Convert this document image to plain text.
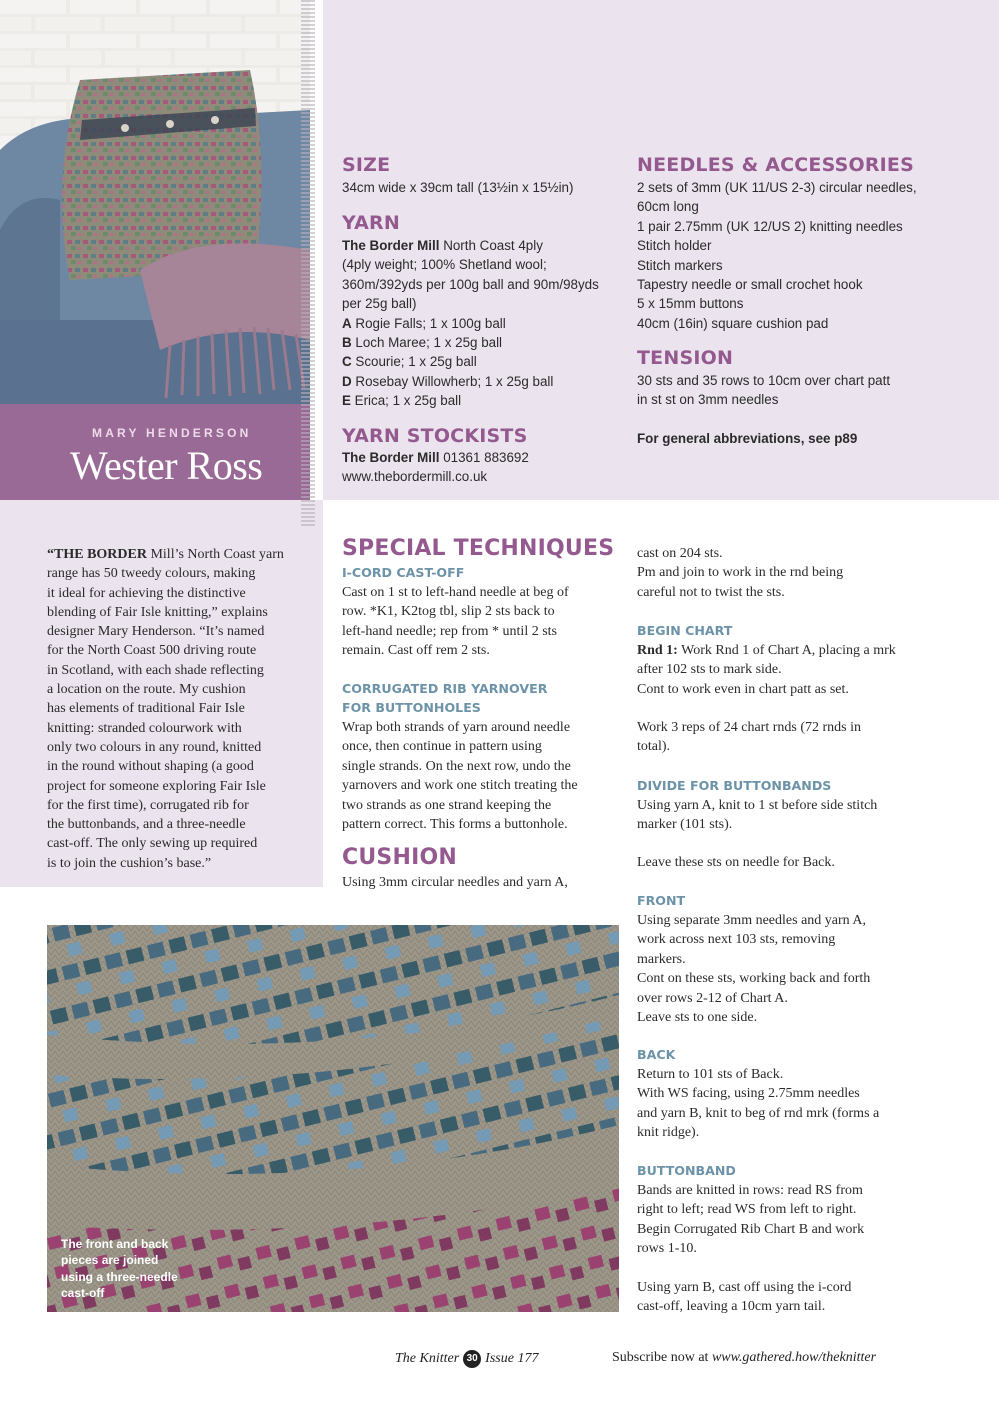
MARY HENDERSON
Wester Ross
“THE BORDER Mill’s North Coast yarn
range has 50 tweedy colours, making
it ideal for achieving the distinctive
blending of Fair Isle knitting,” explains
designer Mary Henderson. “It’s named
for the North Coast 500 driving route
in Scotland, with each shade reflecting
a location on the route. My cushion
has elements of traditional Fair Isle
knitting: stranded colourwork with
only two colours in any round, knitted
in the round without shaping (a good
project for someone exploring Fair Isle
for the first time), corrugated rib for
the buttonbands, and a three-needle
cast-off. The only sewing up required
is to join the cushion’s base.”
SIZE
34cm wide x 39cm tall (13½in x 15½in)
YARN
The Border Mill North Coast 4ply
(4ply weight; 100% Shetland wool;
360m/392yds per 100g ball and 90m/98yds
per 25g ball)
A Rogie Falls; 1 x 100g ball
B Loch Maree; 1 x 25g ball
C Scourie; 1 x 25g ball
D Rosebay Willowherb; 1 x 25g ball
E Erica; 1 x 25g ball
YARN STOCKISTS
The Border Mill 01361 883692
www.thebordermill.co.uk
NEEDLES & ACCESSORIES
2 sets of 3mm (UK 11/US 2-3) circular needles,
60cm long
1 pair 2.75mm (UK 12/US 2) knitting needles
Stitch holder
Stitch markers
Tapestry needle or small crochet hook
5 x 15mm buttons
40cm (16in) square cushion pad
TENSION
30 sts and 35 rows to 10cm over chart patt
in st st on 3mm needles
For general abbreviations, see p89
SPECIAL TECHNIQUES
I-CORD CAST-OFF
Cast on 1 st to left-hand needle at beg of
row. *K1, K2tog tbl, slip 2 sts back to
left-hand needle; rep from * until 2 sts
remain. Cast off rem 2 sts.
CORRUGATED RIB YARNOVER
FOR BUTTONHOLES
Wrap both strands of yarn around needle
once, then continue in pattern using
single strands. On the next row, undo the
yarnovers and work one stitch treating the
two strands as one strand keeping the
pattern correct. This forms a buttonhole.
CUSHION
Using 3mm circular needles and yarn A,
cast on 204 sts.
Pm and join to work in the rnd being
careful not to twist the sts.
BEGIN CHART
Rnd 1: Work Rnd 1 of Chart A, placing a mrk
after 102 sts to mark side.
Cont to work even in chart patt as set.
Work 3 reps of 24 chart rnds (72 rnds in
total).
DIVIDE FOR BUTTONBANDS
Using yarn A, knit to 1 st before side stitch
marker (101 sts).
Leave these sts on needle for Back.
FRONT
Using separate 3mm needles and yarn A,
work across next 103 sts, removing
markers.
Cont on these sts, working back and forth
over rows 2-12 of Chart A.
Leave sts to one side.
BACK
Return to 101 sts of Back.
With WS facing, using 2.75mm needles
and yarn B, knit to beg of rnd mrk (forms a
knit ridge).
BUTTONBAND
Bands are knitted in rows: read RS from
right to left; read WS from left to right.
Begin Corrugated Rib Chart B and work
rows 1-10.
Using yarn B, cast off using the i-cord
cast-off, leaving a 10cm yarn tail.
The front and back
pieces are joined
using a three-needle
cast-off
The Knitter 30 Issue 177	Subscribe now at www.gathered.how/theknitter
